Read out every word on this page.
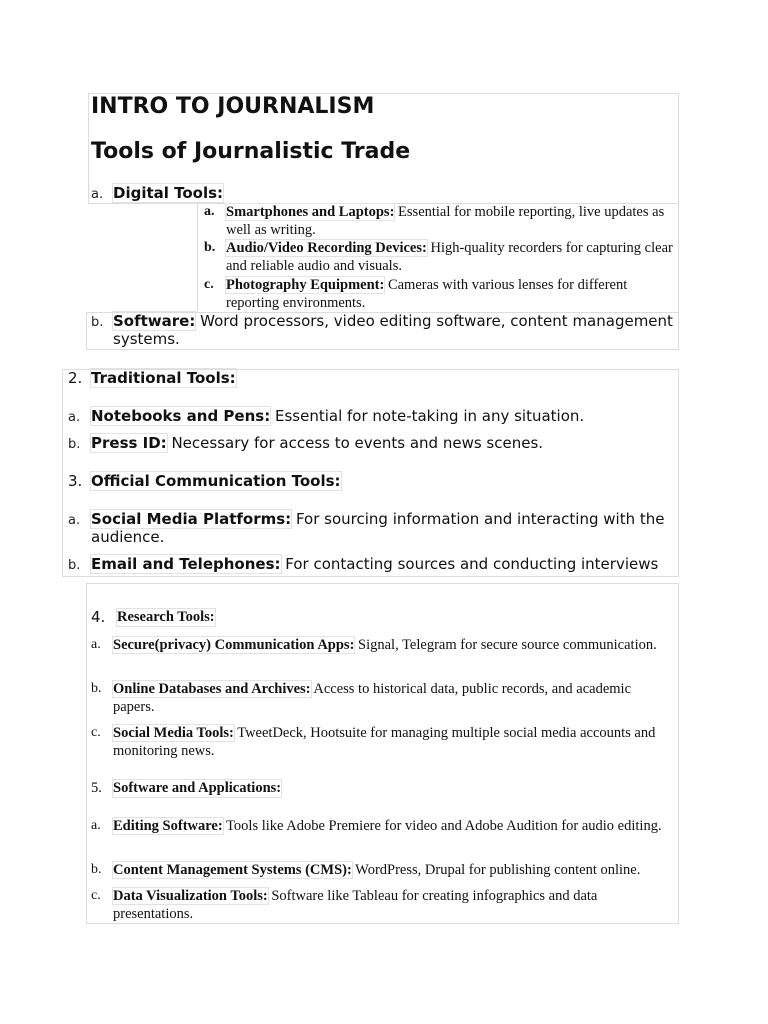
INTRO TO JOURNALISM
Tools of Journalistic Trade
a. Digital Tools:
a. Smartphones and Laptops: Essential for mobile reporting, live updates as well as writing.
b. Audio/Video Recording Devices: High-quality recorders for capturing clear and reliable audio and visuals.
c. Photography Equipment: Cameras with various lenses for different reporting environments.
b. Software: Word processors, video editing software, content management systems.
2. Traditional Tools:
a. Notebooks and Pens: Essential for note-taking in any situation.
b. Press ID: Necessary for access to events and news scenes.
3. Official Communication Tools:
a. Social Media Platforms: For sourcing information and interacting with the audience.
b. Email and Telephones: For contacting sources and conducting interviews
4. Research Tools:
a. Secure(privacy) Communication Apps: Signal, Telegram for secure source communication.
b. Online Databases and Archives: Access to historical data, public records, and academic papers.
c. Social Media Tools: TweetDeck, Hootsuite for managing multiple social media accounts and monitoring news.
5. Software and Applications:
a. Editing Software: Tools like Adobe Premiere for video and Adobe Audition for audio editing.
b. Content Management Systems (CMS): WordPress, Drupal for publishing content online.
c. Data Visualization Tools: Software like Tableau for creating infographics and data presentations.
